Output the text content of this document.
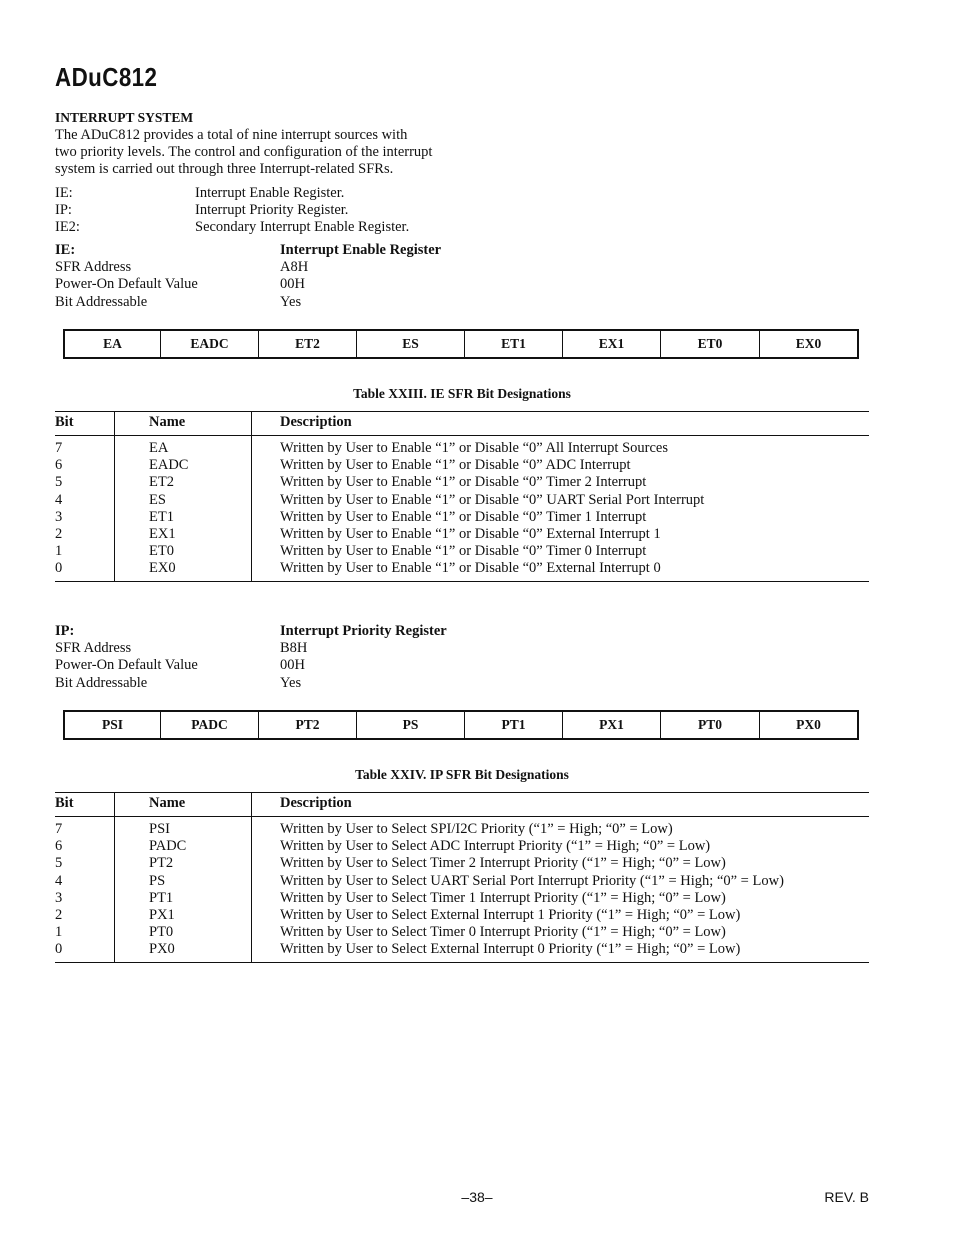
ADuC812
INTERRUPT SYSTEM
The ADuC812 provides a total of nine interrupt sources with
two priority levels. The control and configuration of the interrupt
system is carried out through three Interrupt-related SFRs.
IE:	Interrupt Enable Register.
IP:	Interrupt Priority Register.
IE2:	Secondary Interrupt Enable Register.
IE:	Interrupt Enable Register
SFR Address	A8H
Power-On Default Value	00H
Bit Addressable	Yes
EA	EADC	ET2	ES	ET1	EX1	ET0	EX0
Table XXIII. IE SFR Bit Designations
Bit	Name	Description
7	EA	Written by User to Enable “1” or Disable “0” All Interrupt Sources
6	EADC	Written by User to Enable “1” or Disable “0” ADC Interrupt
5	ET2	Written by User to Enable “1” or Disable “0” Timer 2 Interrupt
4	ES	Written by User to Enable “1” or Disable “0” UART Serial Port Interrupt
3	ET1	Written by User to Enable “1” or Disable “0” Timer 1 Interrupt
2	EX1	Written by User to Enable “1” or Disable “0” External Interrupt 1
1	ET0	Written by User to Enable “1” or Disable “0” Timer 0 Interrupt
0	EX0	Written by User to Enable “1” or Disable “0” External Interrupt 0
IP:	Interrupt Priority Register
SFR Address	B8H
Power-On Default Value	00H
Bit Addressable	Yes
PSI	PADC	PT2	PS	PT1	PX1	PT0	PX0
Table XXIV. IP SFR Bit Designations
Bit	Name	Description
7	PSI	Written by User to Select SPI/I2C Priority (“1” = High; “0” = Low)
6	PADC	Written by User to Select ADC Interrupt Priority (“1” = High; “0” = Low)
5	PT2	Written by User to Select Timer 2 Interrupt Priority (“1” = High; “0” = Low)
4	PS	Written by User to Select UART Serial Port Interrupt Priority (“1” = High; “0” = Low)
3	PT1	Written by User to Select Timer 1 Interrupt Priority (“1” = High; “0” = Low)
2	PX1	Written by User to Select External Interrupt 1 Priority (“1” = High; “0” = Low)
1	PT0	Written by User to Select Timer 0 Interrupt Priority (“1” = High; “0” = Low)
0	PX0	Written by User to Select External Interrupt 0 Priority (“1” = High; “0” = Low)
–38–	REV. B
